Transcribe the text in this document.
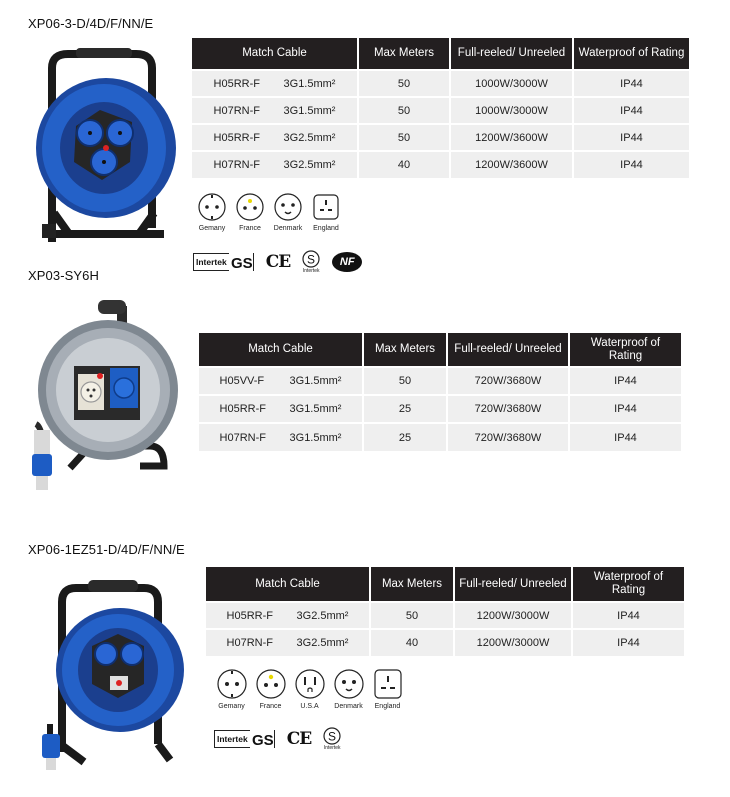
XP06-3-D/4D/F/NN/E
Match Cable	Max Meters	Full-reeled/ Unreeled	Waterproof of Rating
H05RR-F 3G1.5mm²	50	1000W/3000W	IP44
H07RN-F 3G1.5mm²	50	1000W/3000W	IP44
H05RR-F 3G2.5mm²	50	1200W/3600W	IP44
H07RN-F 3G2.5mm²	40	1200W/3600W	IP44
Gemany France Denmark England
Intertek GS CE S
Intertek
NF
XP03-SY6H
Match Cable	Max Meters	Full-reeled/ Unreeled	Waterproof of Rating
H05VV-F 3G1.5mm²	50	720W/3680W	IP44
H05RR-F 3G1.5mm²	25	720W/3680W	IP44
H07RN-F 3G1.5mm²	25	720W/3680W	IP44
XP06-1EZ51-D/4D/F/NN/E
Match Cable	Max Meters	Full-reeled/ Unreeled	Waterproof of Rating
H05RR-F 3G2.5mm²	50	1200W/3000W	IP44
H07RN-F 3G2.5mm²	40	1200W/3000W	IP44
Gemany France	U.S.A Denmark England
Intertek GS CE S
Intertek
